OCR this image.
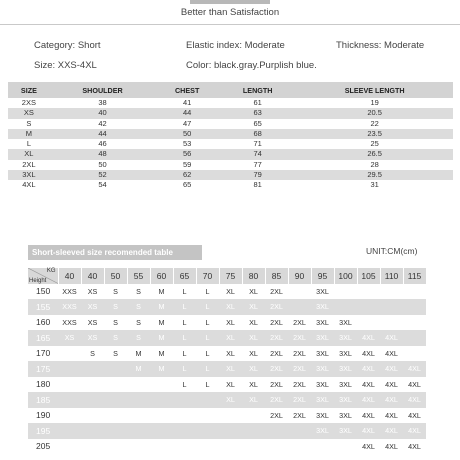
Better than Satisfaction
Category: Short	Elastic index: Moderate	Thickness: Moderate
Size: XXS-4XL	Color: black.gray.Purplish blue.
SIZE	SHOULDER	CHEST	LENGTH	SLEEVE LENGTH
2XS	38	41	61	19
XS	40	44	63	20.5
S	42	47	65	22
M	44	50	68	23.5
L	46	53	71	25
XL	48	56	74	26.5
2XL	50	59	77	28
3XL	52	62	79	29.5
4XL	54	65	81	31
Short-sleeved size recomended table	UNIT:CM(cm)
KG
Height	40	40	50	55	60	65	70	75	80	85	90	95	100	105	110	115
150	XXS	XS	S	S	M	L	L	XL	XL	2XL		3XL				
155	XXS	XS	S	S	M	L	L	XL	XL	2XL		3XL				
160	XXS	XS	S	S	M	L	L	XL	XL	2XL	2XL	3XL	3XL			
165	XS	XS	S	S	M	L	L	XL	XL	2XL	2XL	3XL	3XL	4XL	4XL	
170		S	S	M	M	L	L	XL	XL	2XL	2XL	3XL	3XL	4XL	4XL	
175				M	M	L	L	XL	XL	2XL	2XL	3XL	3XL	4XL	4XL	4XL
180						L	L	XL	XL	2XL	2XL	3XL	3XL	4XL	4XL	4XL
185								XL	XL	2XL	2XL	3XL	3XL	4XL	4XL	4XL
190										2XL	2XL	3XL	3XL	4XL	4XL	4XL
195												3XL	3XL	4XL	4XL	4XL
205														4XL	4XL	4XL
